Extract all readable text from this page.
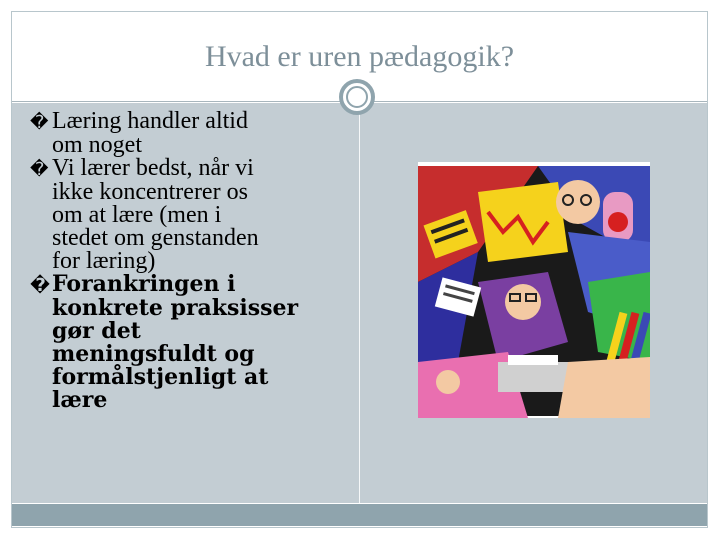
Hvad er uren pædagogik?

� Læring handler altid
om noget

� Vi lærer bedst, når vi
ikke koncentrerer os
om at lære (men i
stedet om genstanden
for læring)

�Forankringen i
konkrete praksisser
gør det
meningsfuldt og
formålstjenligt at
lære
